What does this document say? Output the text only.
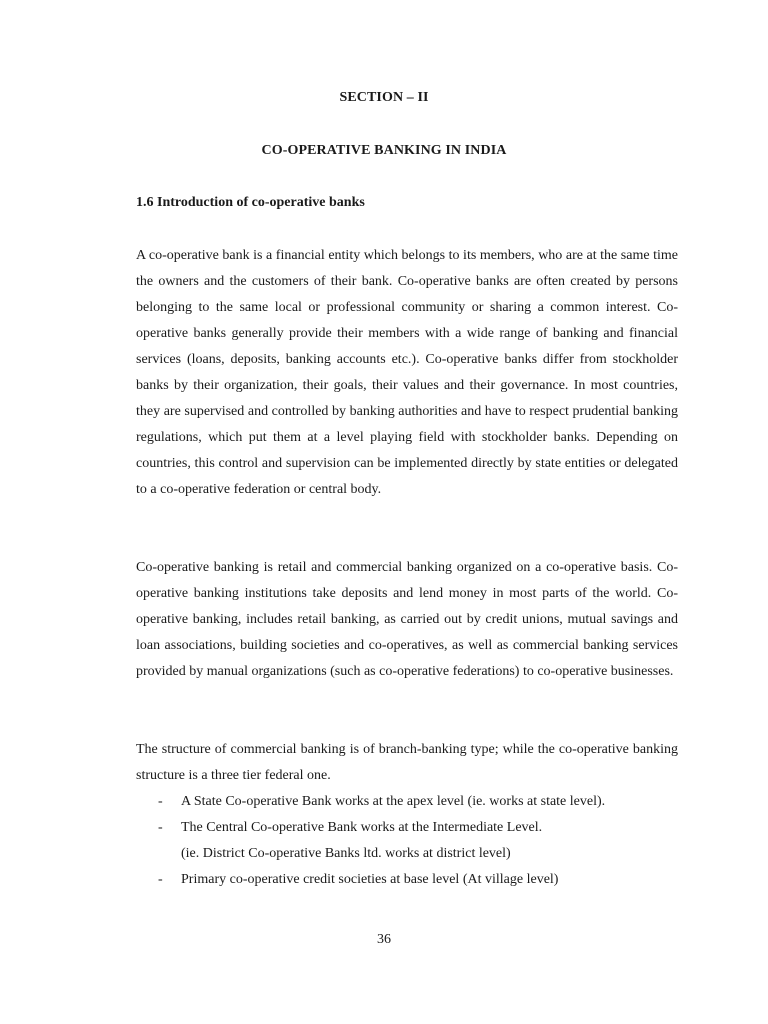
SECTION – II
CO-OPERATIVE BANKING IN INDIA
1.6 Introduction of co-operative banks

A co-operative bank is a financial entity which belongs to its members, who are at the same time the owners and the customers of their bank. Co-operative banks are often created by persons belonging to the same local or professional community or sharing a common interest. Co-operative banks generally provide their members with a wide range of banking and financial services (loans, deposits, banking accounts etc.). Co-operative banks differ from stockholder banks by their organization, their goals, their values and their governance. In most countries, they are supervised and controlled by banking authorities and have to respect prudential banking regulations, which put them at a level playing field with stockholder banks. Depending on countries, this control and supervision can be implemented directly by state entities or delegated to a co-operative federation or central body.

Co-operative banking is retail and commercial banking organized on a co-operative basis. Co-operative banking institutions take deposits and lend money in most parts of the world. Co-operative banking, includes retail banking, as carried out by credit unions, mutual savings and loan associations, building societies and co-operatives, as well as commercial banking services provided by manual organizations (such as co-operative federations) to co-operative businesses.

The structure of commercial banking is of branch-banking type; while the co-operative banking structure is a three tier federal one.

- A State Co-operative Bank works at the apex level (ie. works at state level).
- The Central Co-operative Bank works at the Intermediate Level.
(ie. District Co-operative Banks ltd. works at district level)
- Primary co-operative credit societies at base level (At village level)
36
